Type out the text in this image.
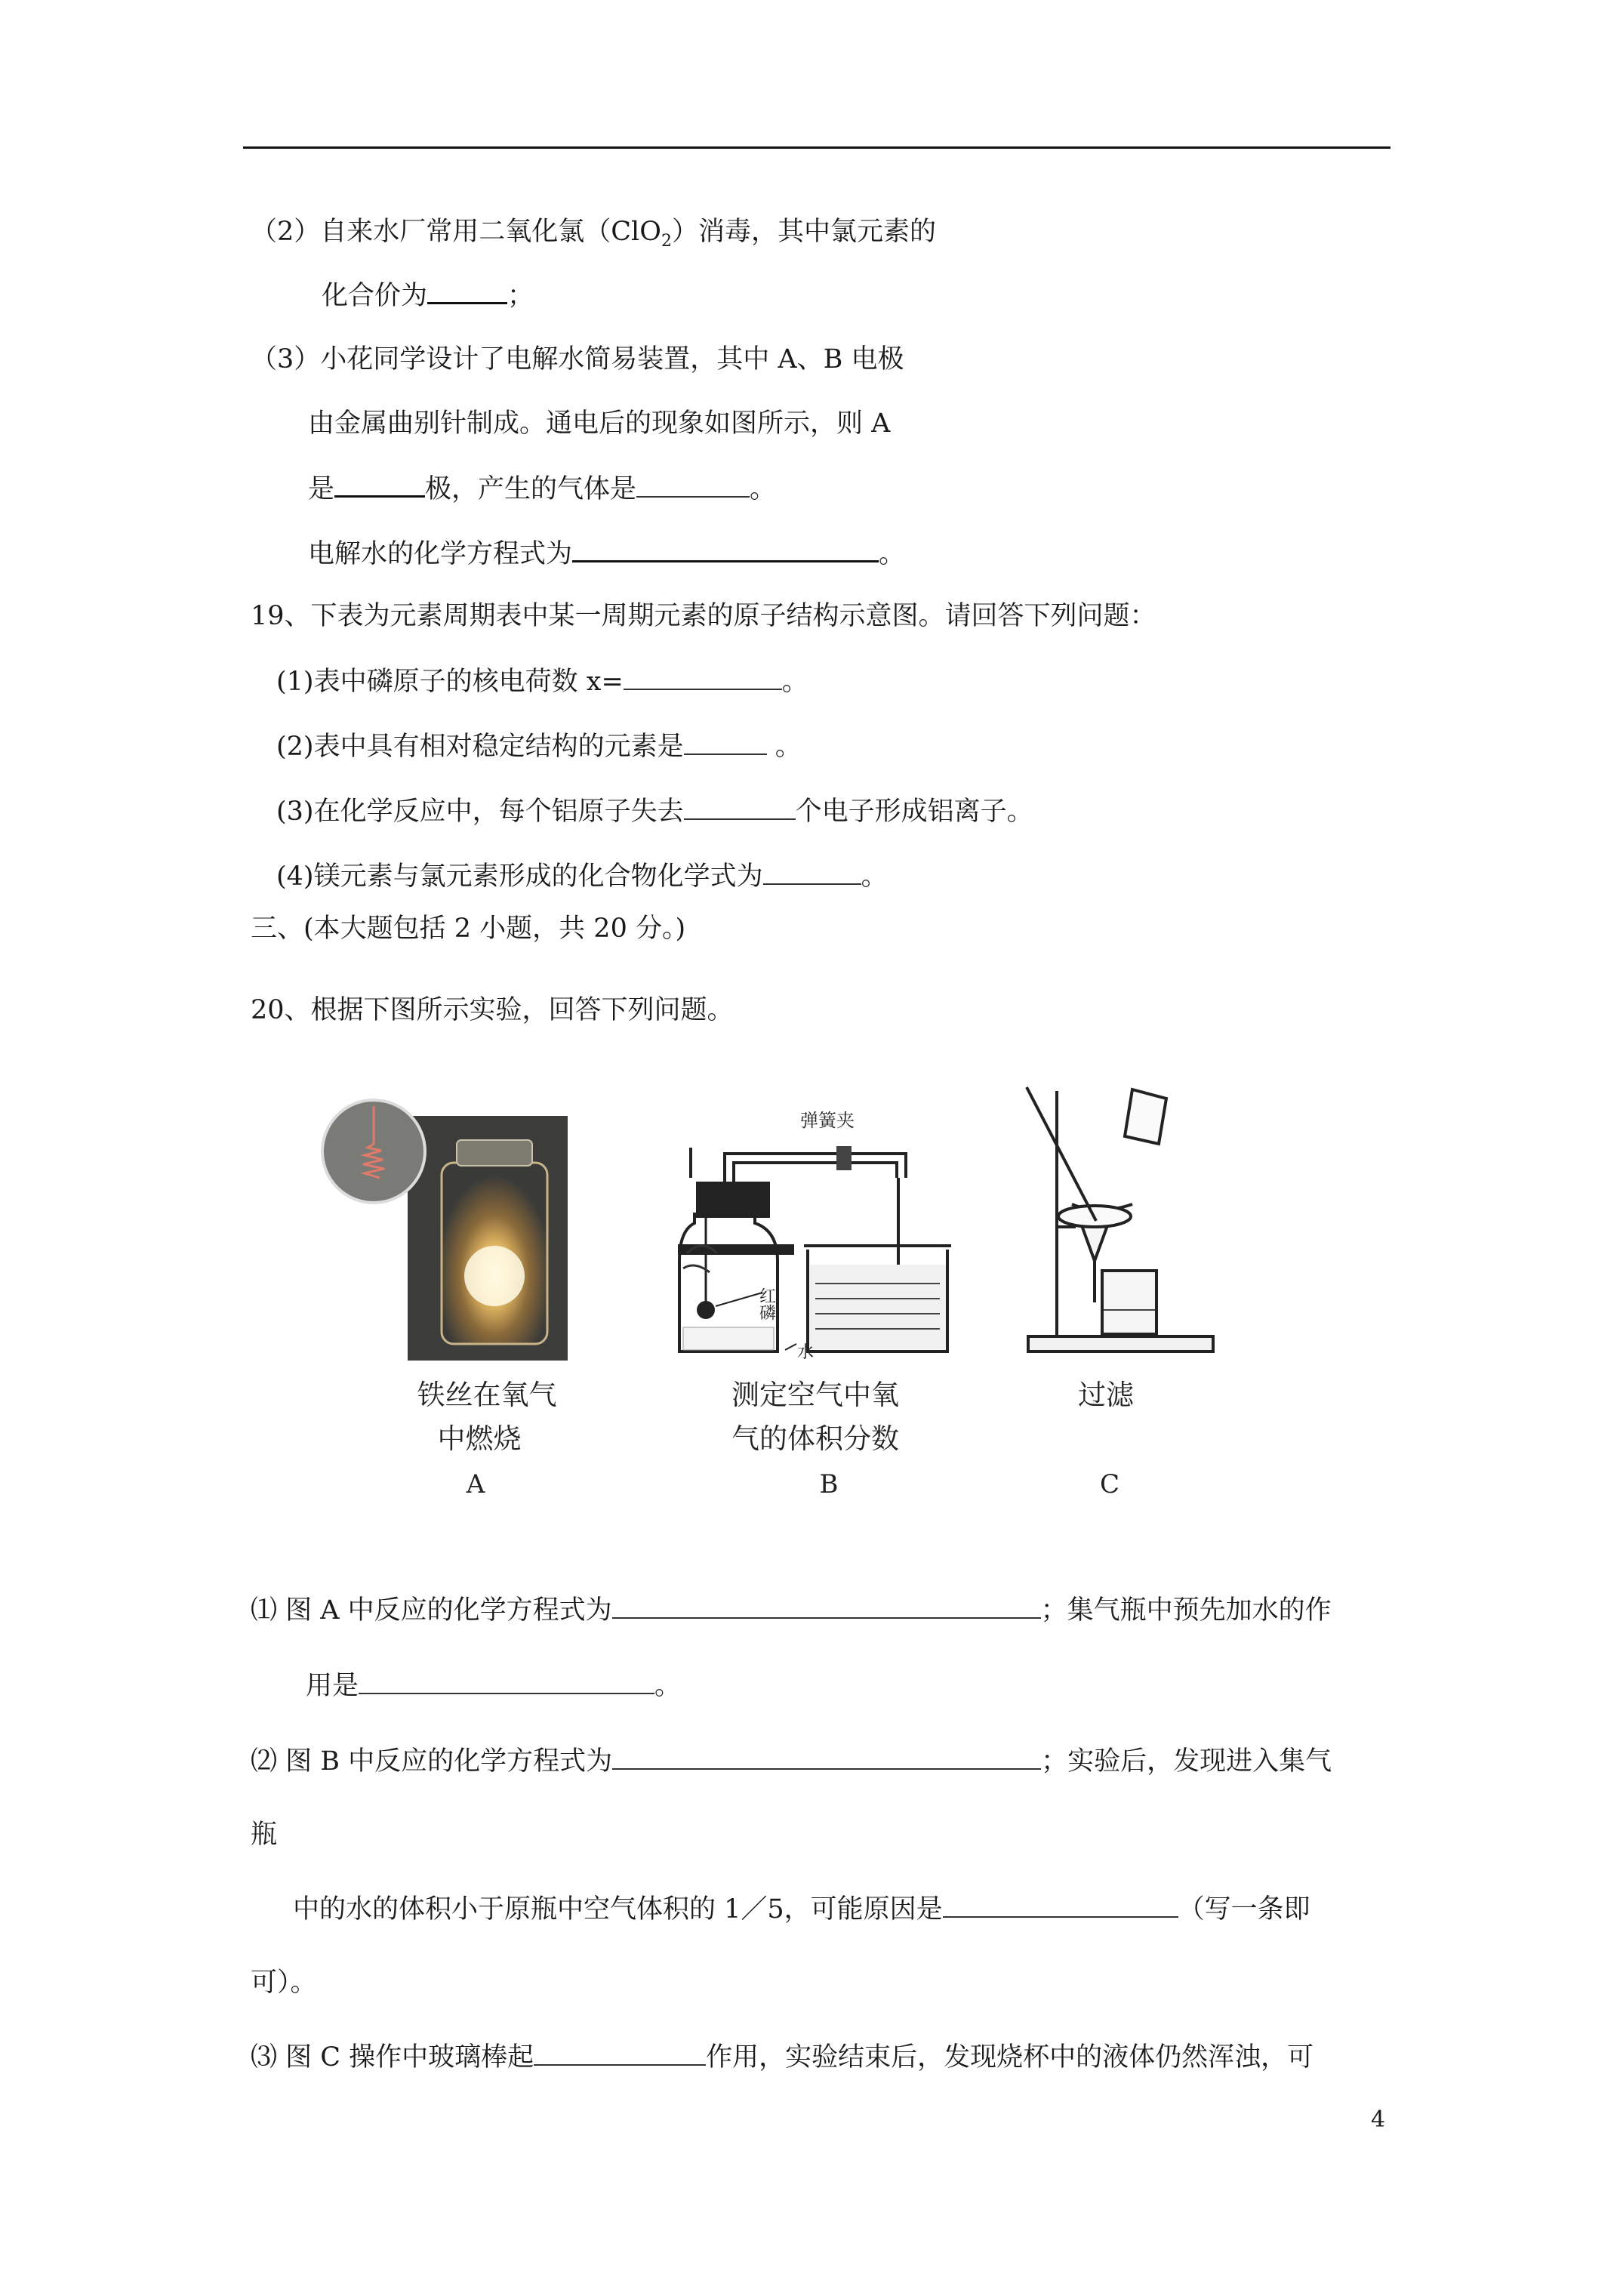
（2）自来水厂常用二氧化氯（ClO$_2$）消毒，其中氯元素的
化合价为	；
（3）小花同学设计了电解水简易装置，其中 A、B 电极
由金属曲别针制成。通电后的现象如图所示，则 A
是	极，产生的气体是	。
电解水的化学方程式为	。
19、下表为元素周期表中某一周期元素的原子结构示意图。请回答下列问题：
(1)表中磷原子的核电荷数 x=	。
(2)表中具有相对稳定结构的元素是	。
(3)在化学反应中，每个铝原子失去	个电子形成铝离子。
(4)镁元素与氯元素形成的化合物化学式为	。
三、(本大题包括 2 小题，共 20 分。)
20、根据下图所示实验，回答下列问题。
铁丝在氧气
中燃烧
A
弹簧夹
红磷
水
测定空气中氧
气的体积分数
B
过滤
C
⑴ 图 A 中反应的化学方程式为	；集气瓶中预先加水的作
用是	。
⑵ 图 B 中反应的化学方程式为	；实验后，发现进入集气
瓶
中的水的体积小于原瓶中空气体积的 1／5，可能原因是	（写一条即
可）。
⑶ 图 C 操作中玻璃棒起	作用，实验结束后，发现烧杯中的液体仍然浑浊，可
4
